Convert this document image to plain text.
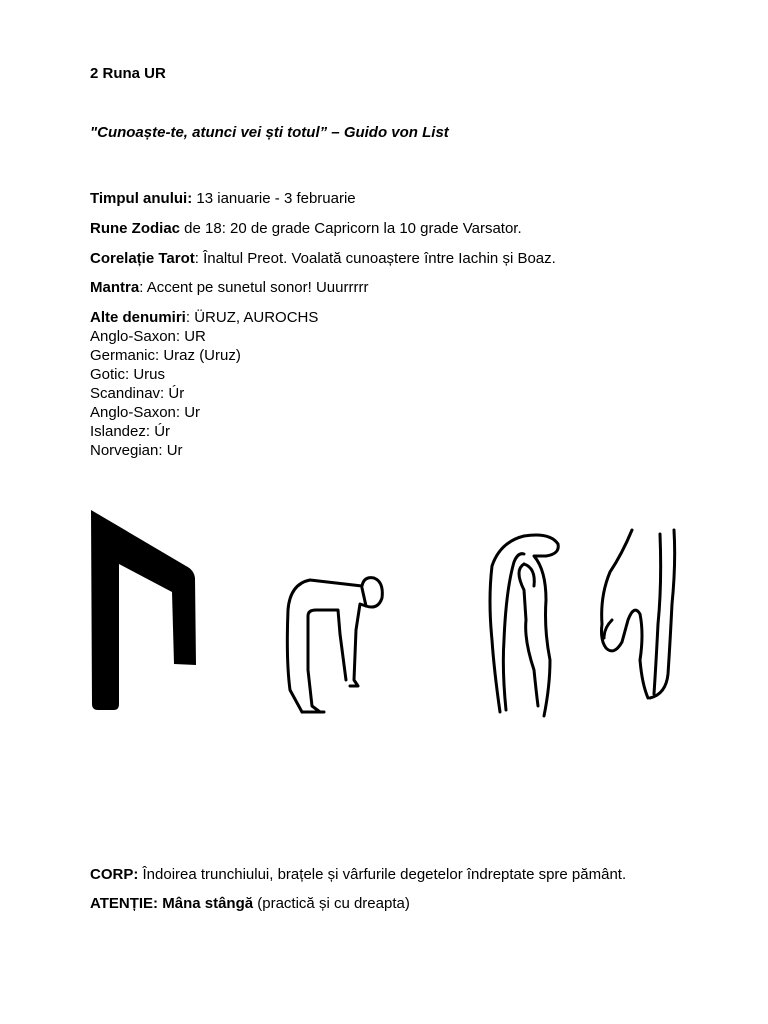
2 Runa UR
"Cunoaște-te, atunci vei ști totul” – Guido von List
Timpul anului: 13 ianuarie - 3 februarie
Rune Zodiac de 18: 20 de grade Capricorn la 10 grade Varsator.
Corelație Tarot: Înaltul Preot. Voalată cunoaștere între Iachin și Boaz.
Mantra: Accent pe sunetul sonor! Uuurrrrr
Alte denumiri: ÜRUZ, AUROCHS
Anglo-Saxon: UR
Germanic: Uraz (Uruz)
Gotic: Urus
Scandinav: Úr
Anglo-Saxon: Ur
Islandez: Úr
Norvegian: Ur
CORP: Îndoirea trunchiului, brațele și vârfurile degetelor îndreptate spre pământ.
ATENȚIE: Mâna stângă (practică și cu dreapta)
